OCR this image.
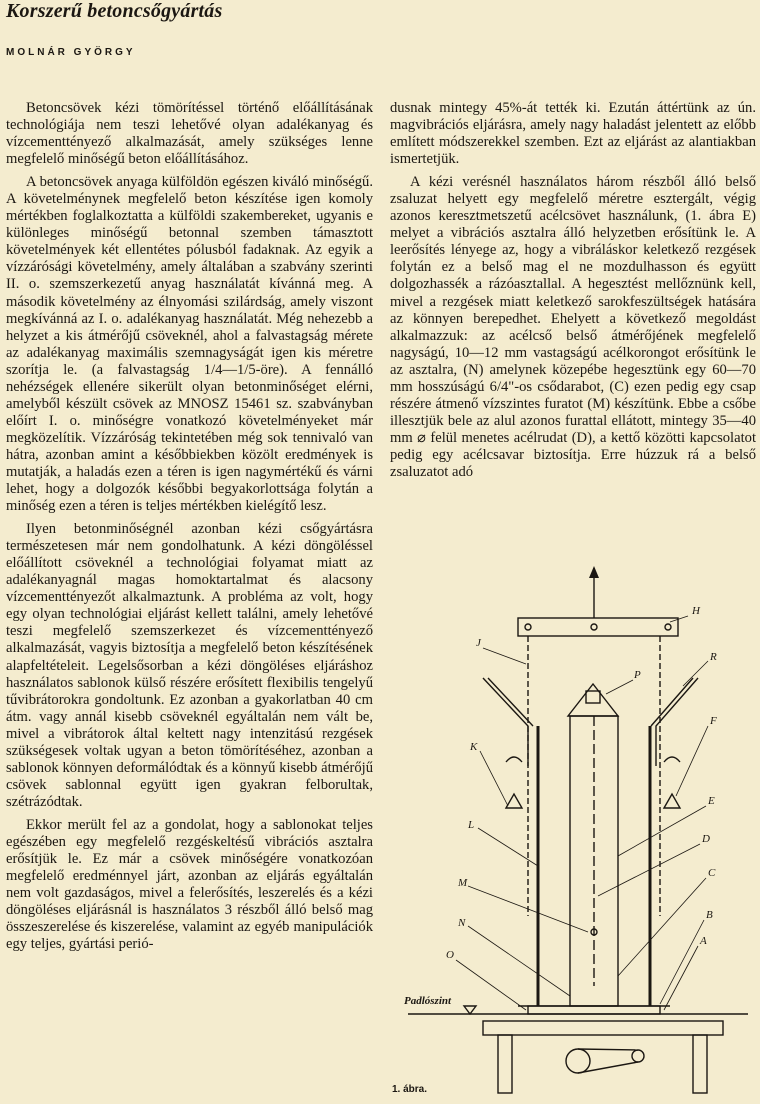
Korszerű betoncsőgyártás

MOLNÁR GYÖRGY

Betoncsövek kézi tömörítéssel történő előállításának technológiája nem teszi lehetővé olyan adalékanyag és vízcementtényező alkalmazását, amely szükséges lenne megfelelő minőségű beton előállításához.

A betoncsövek anyaga külföldön egészen kiváló minőségű. A követelménynek megfelelő beton készítése igen komoly mértékben foglalkoztatta a külföldi szakembereket, ugyanis e különleges minőségű betonnal szemben támasztott követelmények két ellentétes pólusból fadaknak. Az egyik a vízzárósági követelmény, amely általában a szabvány szerinti II. o. szemszerkezetű anyag használatát kívánná meg. A második követelmény az élnyomási szilárdság, amely viszont megkívánná az I. o. adalékanyag használatát. Még nehezebb a helyzet a kis átmérőjű csöveknél, ahol a falvastagság mérete az adalékanyag maximális szemnagyságát igen kis méretre szorítja le. (a falvastagság 1/4—1/5-öre). A fennálló nehézségek ellenére sikerült olyan betonminőséget elérni, amelyből készült csövek az MNOSZ 15461 sz. szabványban előírt I. o. minőségre vonatkozó követelményeket már megközelítik. Vízzáróság tekintetében még sok tennivaló van hátra, azonban amint a későbbiekben közölt eredmények is mutatják, a haladás ezen a téren is igen nagymértékű és várni lehet, hogy a dolgozók későbbi begyakorlottsága folytán a minőség ezen a téren is teljes mértékben kielégítő lesz.

Ilyen betonminőségnél azonban kézi csőgyártásra természetesen már nem gondolhatunk. A kézi döngöléssel előállított csöveknél a technológiai folyamat miatt az adalékanyagnál magas homoktartalmat és alacsony vízcementtényezőt alkalmaztunk. A probléma az volt, hogy egy olyan technológiai eljárást kellett találni, amely lehetővé teszi megfelelő szemszerkezet és vízcementtényező alkalmazását, vagyis biztosítja a megfelelő beton készítésének alapfeltételeit. Legelsősorban a kézi döngöléses eljáráshoz használatos sablonok külső részére erősített flexibilis tengelyű tűvibrátorokra gondoltunk. Ez azonban a gyakorlatban 40 cm átm. vagy annál kisebb csöveknél egyáltalán nem vált be, mivel a vibrátorok által keltett nagy intenzitású rezgések szükségesek voltak ugyan a beton tömörítéséhez, azonban a sablonok könnyen deformálódtak és a könnyű kisebb átmérőjű csövek sablonnal együtt igen gyakran felborultak, szétrázódtak.

Ekkor merült fel az a gondolat, hogy a sablonokat teljes egészében egy megfelelő rezgéskeltésű vibrációs asztalra erősítjük le. Ez már a csövek minőségére vonatkozóan megfelelő eredménnyel járt, azonban az eljárás egyáltalán nem volt gazdaságos, mivel a felerősítés, leszerelés és a kézi döngöléses eljárásnál is használatos 3 részből álló belső mag összeszerelése és kiszerelése, valamint az egyéb manipulációk egy teljes, gyártási perió-

dusnak mintegy 45%-át tették ki. Ezután áttértünk az ún. magvibrációs eljárásra, amely nagy haladást jelentett az előbb említett módszerekkel szemben. Ezt az eljárást az alantiakban ismertetjük.

A kézi verésnél használatos három részből álló belső zsaluzat helyett egy megfelelő méretre esztergált, végig azonos keresztmetszetű acélcsövet használunk, (1. ábra E) melyet a vibrációs asztalra álló helyzetben erősítünk le. A leerősítés lényege az, hogy a vibráláskor keletkező rezgések folytán ez a belső mag el ne mozdulhasson és együtt dolgozhassék a rázóasztallal. A hegesztést mellőznünk kell, mivel a rezgések miatt keletkező sarokfeszültségek hatására az könnyen berepedhet. Ehelyett a következő megoldást alkalmazzuk: az acélcső belső átmérőjének megfelelő nagyságú, 10—12 mm vastagságú acélkorongot erősítünk le az asztalra, (N) amelynek közepébe hegesztünk egy 60—70 mm hosszúságú 6/4"-os csődarabot, (C) ezen pedig egy csap részére átmenő vízszintes furatot (M) készítünk. Ebbe a csőbe illesztjük bele az alul azonos furattal ellátott, mintegy 35—40 mm ⌀ felül menetes acélrudat (D), a kettő közötti kapcsolatot pedig egy acélcsavar biztosítja. Erre húzzuk rá a belső zsaluzatot adó

H
J
R
P
K
F
L
E
D
M
C
N
B
O
A
Padlószint

1. ábra.
